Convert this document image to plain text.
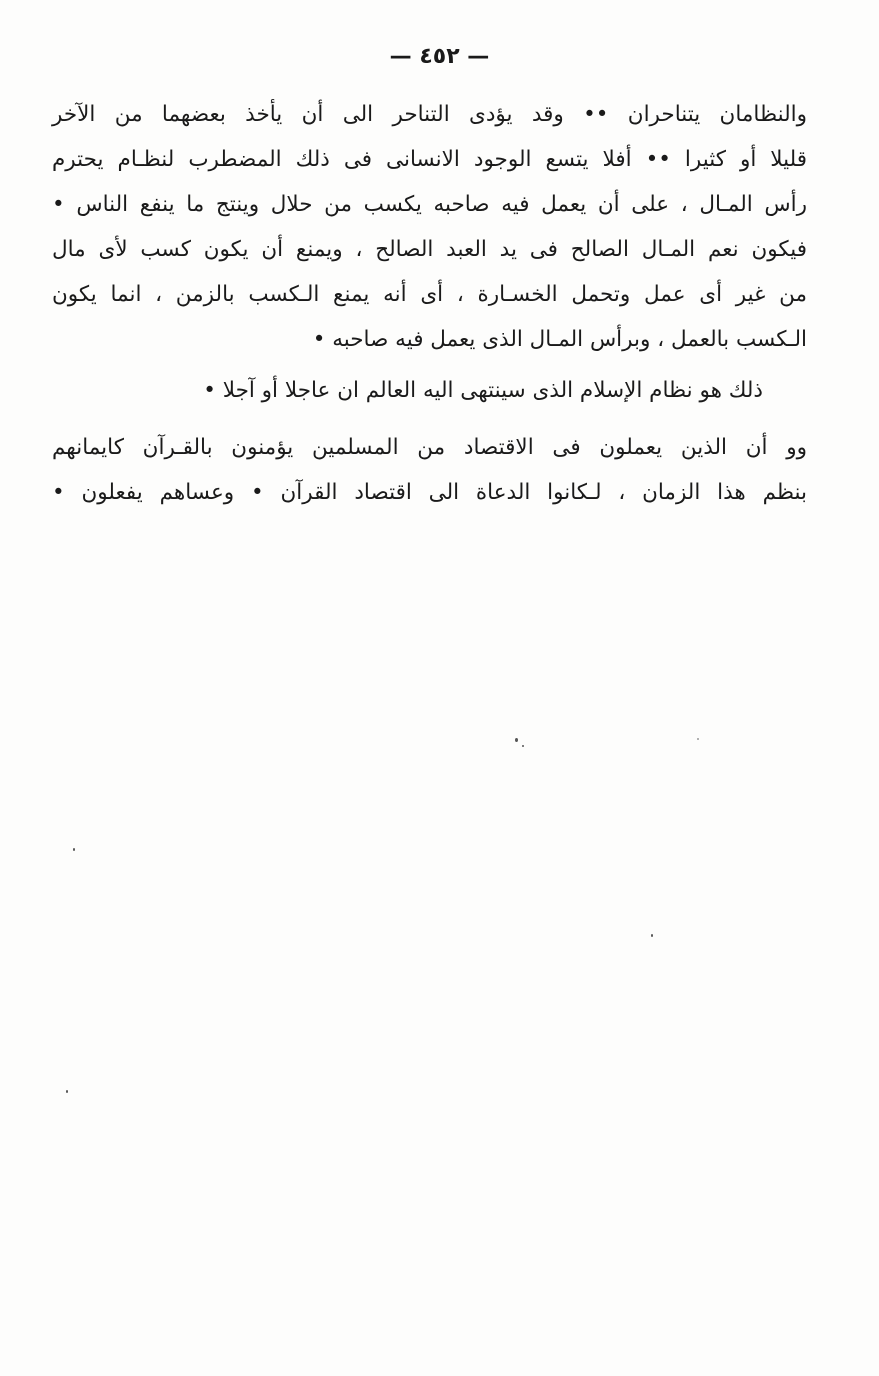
— ٤٥٢ —
والنظامان يتناحران •• وقد يؤدى التناحر الى أن يأخذ بعضهما من الآخر
قليلا أو كثيرا •• أفلا يتسع الوجود الانسانى فى ذلك المضطرب لنظـام يحترم
رأس المـال ، على أن يعمل فيه صاحبه يكسب من حلال وينتج ما ينفع الناس •
فيكون نعم المـال الصالح فى يد العبد الصالح ، ويمنع أن يكون كسب لأى مال
من غير أى عمل وتحمل الخسـارة ، أى أنه يمنع الـكسب بالزمن ، انما يكون
الـكسب بالعمل ، وبرأس المـال الذى يعمل فيه صاحبه •
ذلك هو نظام الإسلام الذى سينتهى اليه العالم ان عاجلا أو آجلا •
وو أن الذين يعملون فى الاقتصاد من المسلمين يؤمنون بالقـرآن كايمانهم
بنظم هذا الزمان ، لـكانوا الدعاة الى اقتصاد القرآن • وعساهم يفعلون •
